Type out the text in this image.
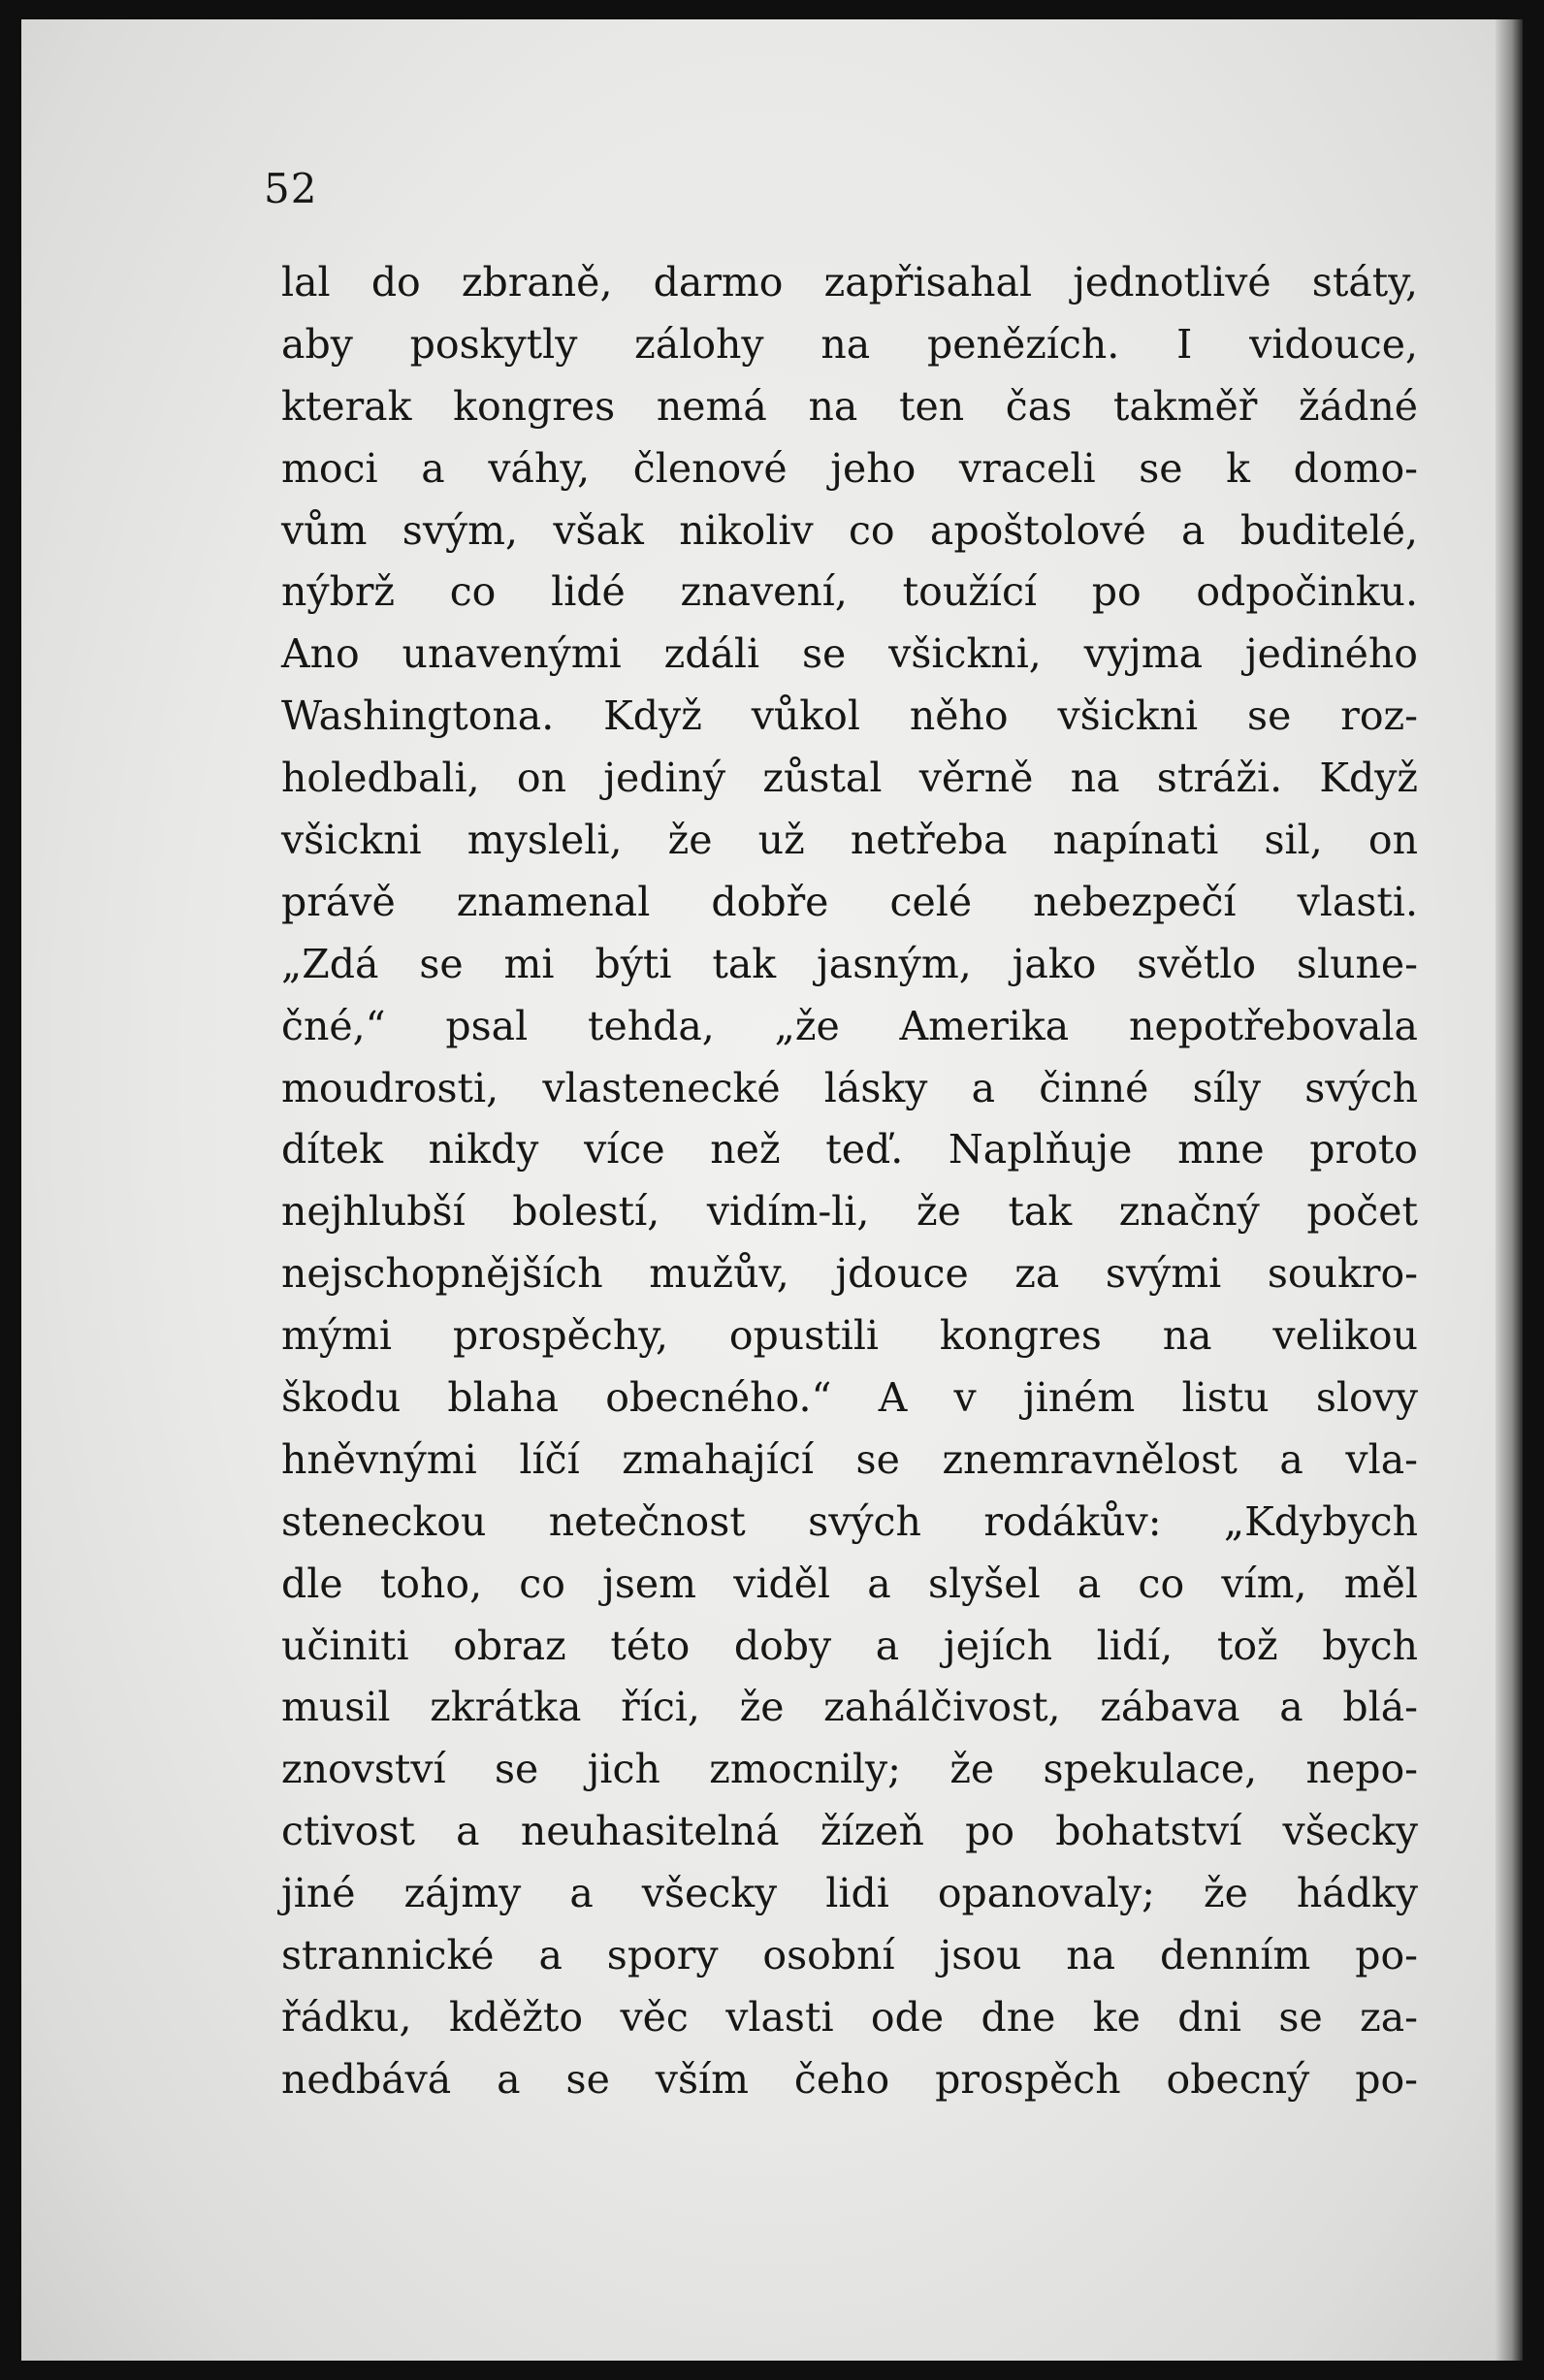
52
lal do zbraně, darmo zapřisahal jednotlivé státy,
aby poskytly zálohy na penězích. I vidouce,
kterak kongres nemá na ten čas takměř žádné
moci a váhy, členové jeho vraceli se k domo-
vům svým, však nikoliv co apoštolové a buditelé,
nýbrž co lidé znavení, toužící po odpočinku.
Ano unavenými zdáli se všickni, vyjma jediného
Washingtona. Když vůkol něho všickni se roz-
holedbali, on jediný zůstal věrně na stráži. Když
všickni mysleli, že už netřeba napínati sil, on
právě znamenal dobře celé nebezpečí vlasti.
„Zdá se mi býti tak jasným, jako světlo slune-
čné,“ psal tehda, „že Amerika nepotřebovala
moudrosti, vlastenecké lásky a činné síly svých
dítek nikdy více než teď. Naplňuje mne proto
nejhlubší bolestí, vidím-li, že tak značný počet
nejschopnějších mužův, jdouce za svými soukro-
mými prospěchy, opustili kongres na velikou
škodu blaha obecného.“ A v jiném listu slovy
hněvnými líčí zmahající se znemravnělost a vla-
steneckou netečnost svých rodákův: „Kdybych
dle toho, co jsem viděl a slyšel a co vím, měl
učiniti obraz této doby a jejích lidí, tož bych
musil zkrátka říci, že zahálčivost, zábava a blá-
znovství se jich zmocnily; že spekulace, nepo-
ctivost a neuhasitelná žízeň po bohatství všecky
jiné zájmy a všecky lidi opanovaly; že hádky
strannické a spory osobní jsou na denním po-
řádku, kděžto věc vlasti ode dne ke dni se za-
nedbává a se vším čeho prospěch obecný po-
